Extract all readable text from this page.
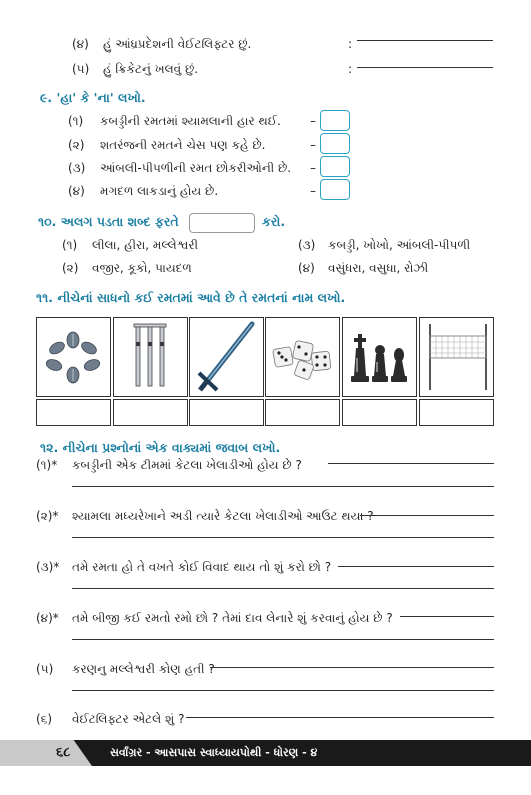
(૪) હું આંધ્રપ્રદેશની વેઈટલિફ્ટર છું.	:
(૫) હું ક્રિકેટનું ખલવું છું.	:
૯. 'હા' કે 'ના' લખો.
(૧) કબડ્ડીની રમતમાં શ્યામલાની હાર થઈ. –
(૨) શતરંજની રમતને ચેસ પણ કહે છે.	–
(૩) આંબલી-પીપળીની રમત છોકરીઓની છે. –
(૪) મગદળ લાકડાનું હોય છે.	–
૧૦. અલગ પડતા શબ્દ ફરતે	કરો.
(૧) લીલા, હીરા, મલ્લેશ્વરી	(૩) કબડ્ડી, ખોખો, આંબલી-પીપળી
(૨) વજીર, કૂકો, પાયદળ	(૪) વસુંધરા, વસુધા, રોઝી
૧૧. નીચેનાં સાધનો કઈ રમતમાં આવે છે તે રમતનાં નામ લખો.
૧૨. નીચેના પ્રશ્નોનાં એક વાક્યમાં જવાબ લખો.
(૧)* કબડ્ડીની એક ટીમમાં કેટલા ખેલાડીઓ હોય છે ?
(૨)* શ્યામલા મધ્યરેખાને અડી ત્યારે કેટલા ખેલાડીઓ આઉટ થયા ?
(૩)* તમે રમતા હો તે વખતે કોઈ વિવાદ થાય તો શું કરો છો ?
(૪)* તમે બીજી કઈ રમતો રમો છો ? તેમાં દાવ લેનારે શું કરવાનું હોય છે ?
(૫) કરણનુ મલ્લેશ્વરી કોણ હતી ?
(૬) વેઈટલિફ્ટર એટલે શું ?
૬૮	સર્વાંગ્રર - આસપાસ સ્વાધ્યાયપોથી - ધોરણ - ૪
